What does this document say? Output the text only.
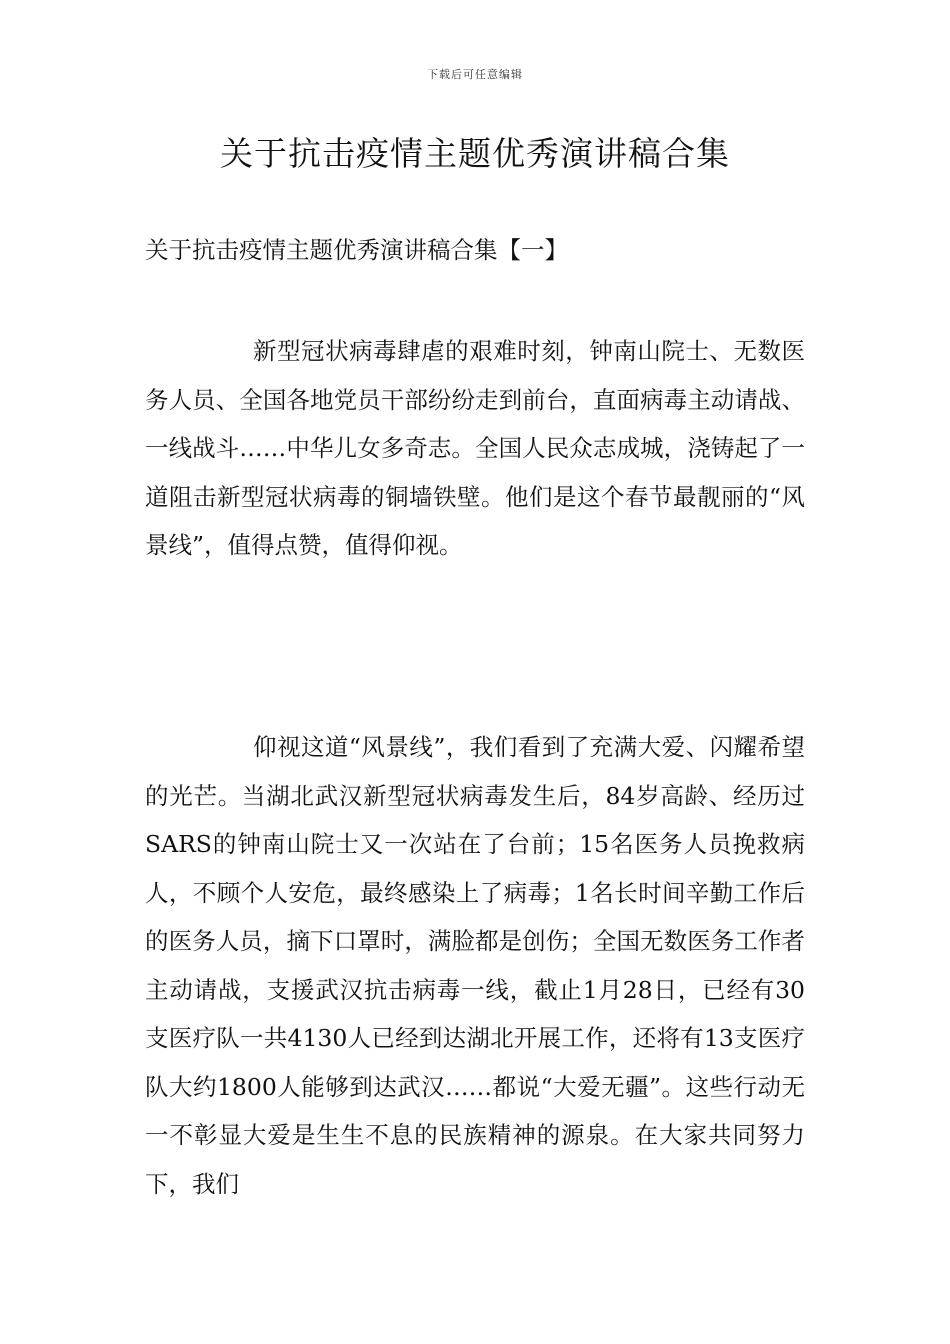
下载后可任意编辑
关于抗击疫情主题优秀演讲稿合集

关于抗击疫情主题优秀演讲稿合集【一】

新型冠状病毒肆虐的艰难时刻，钟南山院士、无数医务人员、全国各地党员干部纷纷走到前台，直面病毒主动请战、一线战斗……中华儿女多奇志。全国人民众志成城，浇铸起了一道阻击新型冠状病毒的铜墙铁壁。他们是这个春节最靓丽的“风景线”，值得点赞，值得仰视。

仰视这道“风景线”，我们看到了充满大爱、闪耀希望的光芒。当湖北武汉新型冠状病毒发生后，84岁高龄、经历过SARS的钟南山院士又一次站在了台前；15名医务人员挽救病人，不顾个人安危，最终感染上了病毒；1名长时间辛勤工作后的医务人员，摘下口罩时，满脸都是创伤；全国无数医务工作者主动请战，支援武汉抗击病毒一线，截止1月28日，已经有30支医疗队一共4130人已经到达湖北开展工作，还将有13支医疗队大约1800人能够到达武汉……都说“大爱无疆”。这些行动无一不彰显大爱是生生不息的民族精神的源泉。在大家共同努力下，我们
